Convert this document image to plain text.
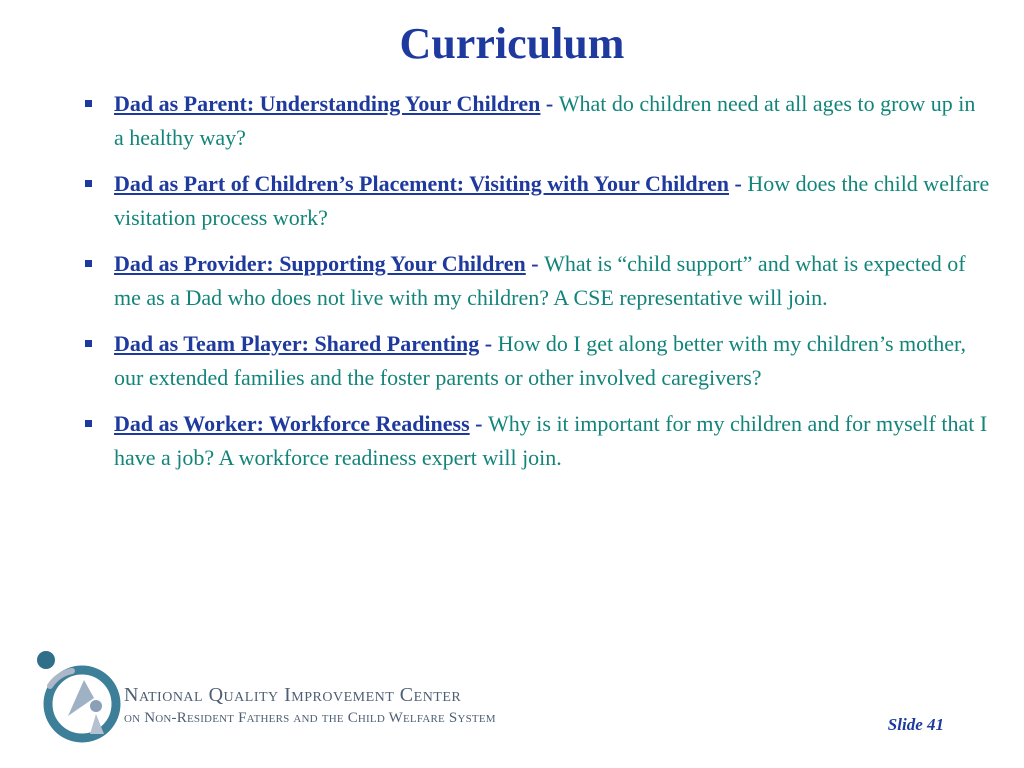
Curriculum
Dad as Parent: Understanding Your Children - What do children need at all ages to grow up in a healthy way?
Dad as Part of Children’s Placement: Visiting with Your Children - How does the child welfare visitation process work?
Dad as Provider: Supporting Your Children - What is “child support” and what is expected of me as a Dad who does not live with my children? A CSE representative will join.
Dad as Team Player: Shared Parenting - How do I get along better with my children’s mother, our extended families and the foster parents or other involved caregivers?
Dad as Worker: Workforce Readiness - Why is it important for my children and for myself that I have a job? A workforce readiness expert will join.
National Quality Improvement Center
on Non-Resident Fathers and the Child Welfare System	Slide 41
